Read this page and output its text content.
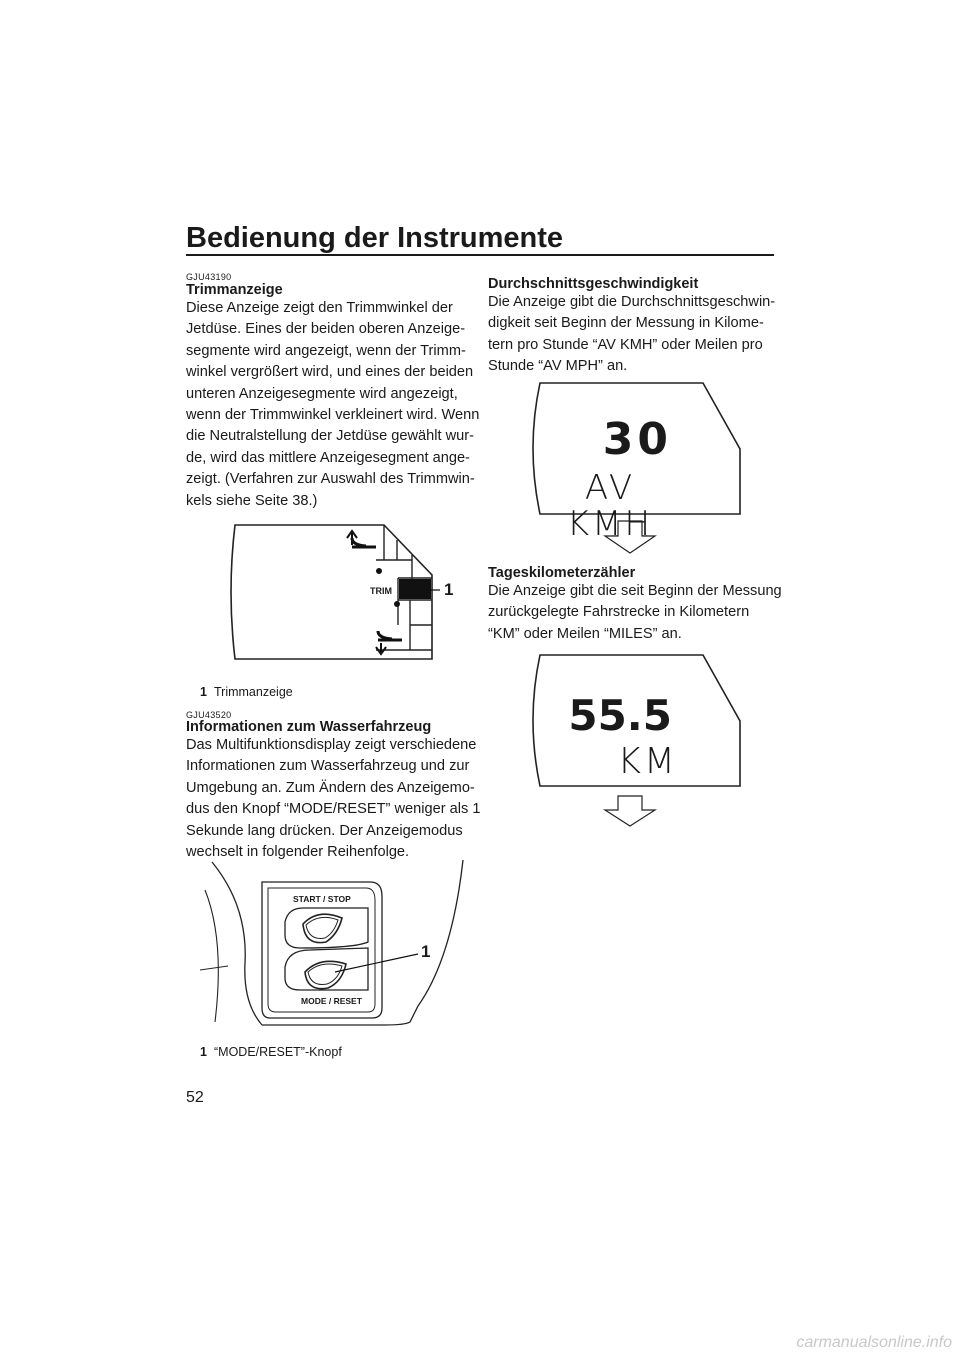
Bedienung der Instrumente
GJU43190
Trimmanzeige
Diese Anzeige zeigt den Trimmwinkel der
Jetdüse. Eines der beiden oberen Anzeige-
segmente wird angezeigt, wenn der Trimm-
winkel vergrößert wird, und eines der beiden
unteren Anzeigesegmente wird angezeigt,
wenn der Trimmwinkel verkleinert wird. Wenn
die Neutralstellung der Jetdüse gewählt wur-
de, wird das mittlere Anzeigesegment ange-
zeigt. (Verfahren zur Auswahl des Trimmwin-
kels siehe Seite 38.)
TRIM	1
1 Trimmanzeige
GJU43520
Informationen zum Wasserfahrzeug
Das Multifunktionsdisplay zeigt verschiedene
Informationen zum Wasserfahrzeug und zur
Umgebung an. Zum Ändern des Anzeigemo-
dus den Knopf “MODE/RESET” weniger als 1
Sekunde lang drücken. Der Anzeigemodus
wechselt in folgender Reihenfolge.
START / STOP
MODE / RESET
1
1 “MODE/RESET”-Knopf
Durchschnittsgeschwindigkeit
Die Anzeige gibt die Durchschnittsgeschwin-
digkeit seit Beginn der Messung in Kilome-
tern pro Stunde “AV KMH” oder Meilen pro
Stunde “AV MPH” an.
30
AV KMH
Tageskilometerzähler
Die Anzeige gibt die seit Beginn der Messung
zurückgelegte Fahrstrecke in Kilometern
“KM” oder Meilen “MILES” an.
55.5
KM
52
carmanualsonline.info
